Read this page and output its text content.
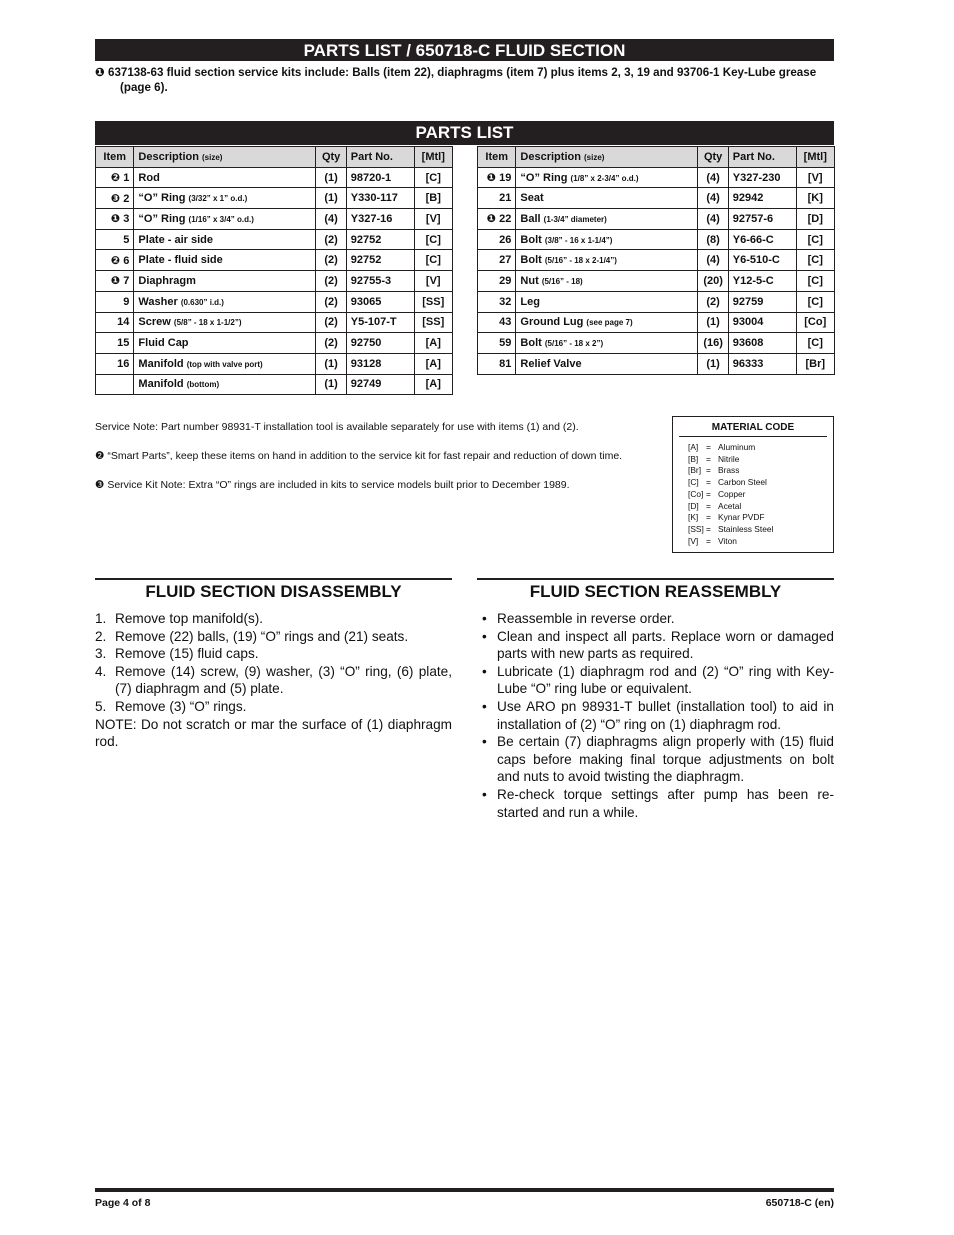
PARTS LIST / 650718-C FLUID SECTION
❶ 637138-63 fluid section service kits include: Balls (item 22), diaphragms (item 7) plus items 2, 3, 19 and 93706-1 Key-Lube grease (page 6).
PARTS LIST
Item	Description (size)	Qty	Part No.	[Mtl]
❷ 1	Rod	(1)	98720-1	[C]
❸ 2	“O” Ring (3/32” x 1” o.d.)	(1)	Y330-117	[B]
❶ 3	“O” Ring (1/16” x 3/4” o.d.)	(4)	Y327-16	[V]
5	Plate - air side	(2)	92752	[C]
❷ 6	Plate - fluid side	(2)	92752	[C]
❶ 7	Diaphragm	(2)	92755-3	[V]
9	Washer (0.630” i.d.)	(2)	93065	[SS]
14	Screw (5/8” - 18 x 1-1/2”)	(2)	Y5-107-T	[SS]
15	Fluid Cap	(2)	92750	[A]
16	Manifold (top with valve port)	(1)	93128	[A]
	Manifold (bottom)	(1)	92749	[A]
Item	Description (size)	Qty	Part No.	[Mtl]
❶ 19	“O” Ring (1/8” x 2-3/4” o.d.)	(4)	Y327-230	[V]
21	Seat	(4)	92942	[K]
❶ 22	Ball (1-3/4” diameter)	(4)	92757-6	[D]
26	Bolt (3/8” - 16 x 1-1/4”)	(8)	Y6-66-C	[C]
27	Bolt (5/16” - 18 x 2-1/4”)	(4)	Y6-510-C	[C]
29	Nut (5/16” - 18)	(20)	Y12-5-C	[C]
32	Leg	(2)	92759	[C]
43	Ground Lug (see page 7)	(1)	93004	[Co]
59	Bolt (5/16” - 18 x 2”)	(16)	93608	[C]
81	Relief Valve	(1)	96333	[Br]

Service Note: Part number 98931-T installation tool is available separately for use with items (1) and (2).

❷ “Smart Parts”, keep these items on hand in addition to the service kit for fast repair and reduction of down time.

❸ Service Kit Note: Extra “O” rings are included in kits to service models built prior to December 1989.

MATERIAL CODE
[A] = Aluminum
[B] = Nitrile
[Br] = Brass
[C] = Carbon Steel
[Co] = Copper
[D] = Acetal
[K] = Kynar PVDF
[SS] = Stainless Steel
[V] = Viton
FLUID SECTION DISASSEMBLY
1. Remove top manifold(s).
2. Remove (22) balls, (19) “O” rings and (21) seats.
3. Remove (15) fluid caps.
4. Remove (14) screw, (9) washer, (3) “O” ring, (6) plate, (7) diaphragm and (5) plate.
5. Remove (3) “O” rings.
NOTE: Do not scratch or mar the surface of (1) diaphragm rod.
FLUID SECTION REASSEMBLY
• Reassemble in reverse order.
• Clean and inspect all parts. Replace worn or damaged parts with new parts as required.
• Lubricate (1) diaphragm rod and (2) “O” ring with Key-Lube “O” ring lube or equivalent.
• Use ARO pn 98931-T bullet (installation tool) to aid in installation of (2) “O” ring on (1) diaphragm rod.
• Be certain (7) diaphragms align properly with (15) fluid caps before making final torque adjustments on bolt and nuts to avoid twisting the diaphragm.
• Re-check torque settings after pump has been re-started and run a while.
Page 4 of 8	650718-C (en)
